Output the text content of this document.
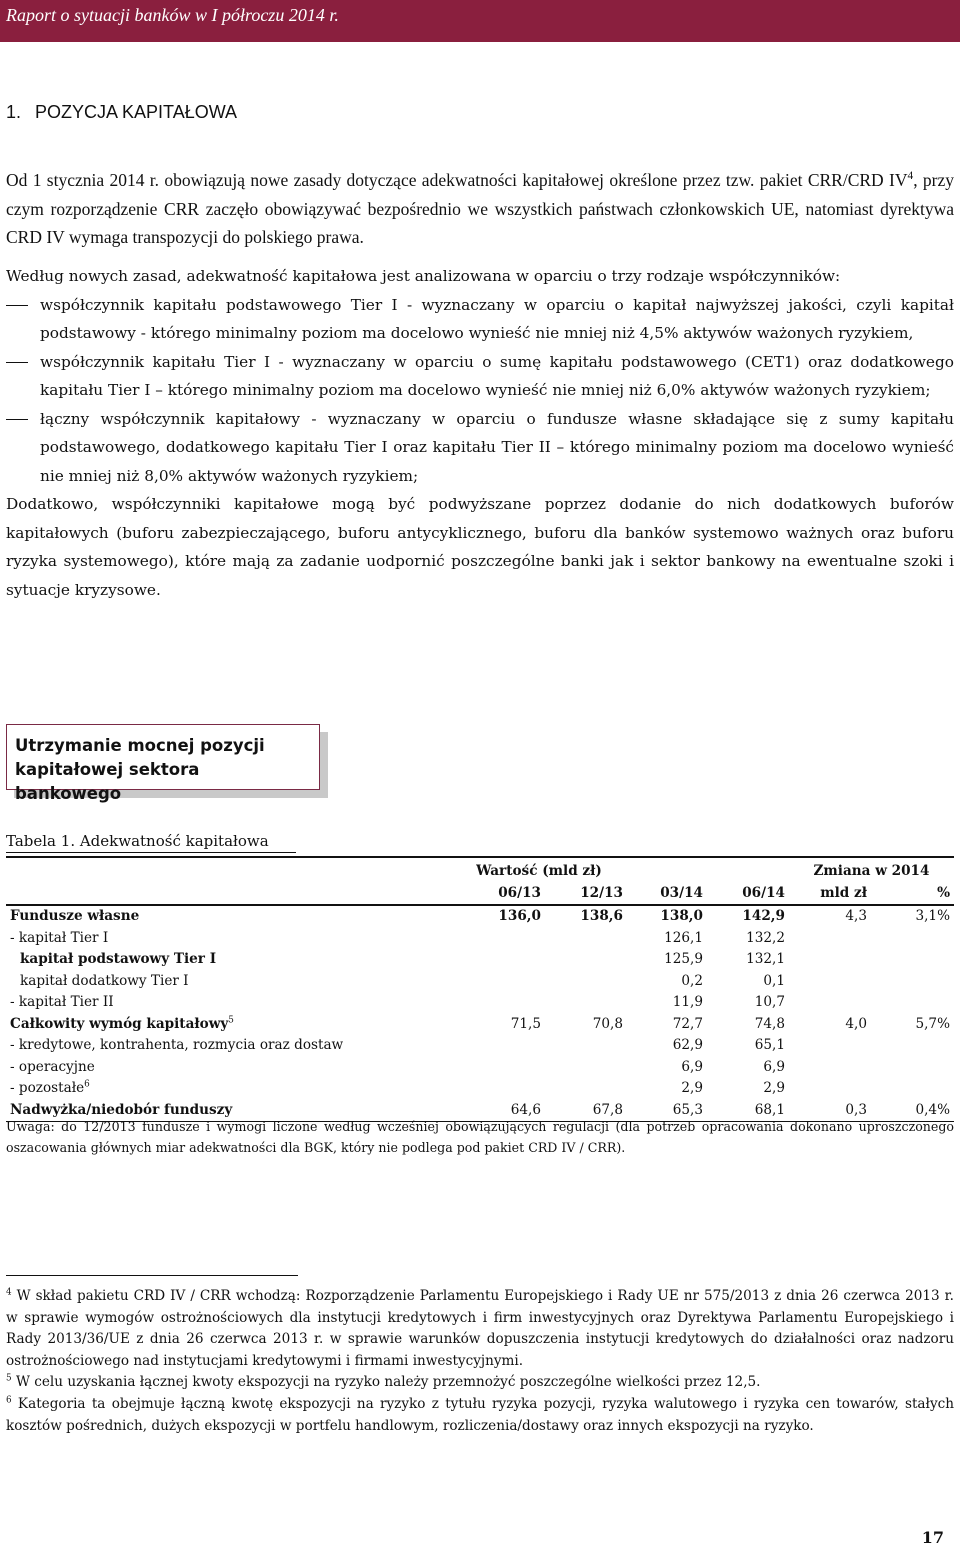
Raport o sytuacji banków w I półroczu 2014 r.
1. POZYCJA KAPITAŁOWA

Od 1 stycznia 2014 r. obowiązują nowe zasady dotyczące adekwatności kapitałowej określone przez tzw. pakiet CRR/CRD $IV^4$, przy czym rozporządzenie CRR zaczęło obowiązywać bezpośrednio we wszystkich państwach członkowskich UE, natomiast dyrektywa CRD IV wymaga transpozycji do polskiego prawa.

Według nowych zasad, adekwatność kapitałowa jest analizowana w oparciu o trzy rodzaje współczynników:

współczynnik kapitału podstawowego Tier I - wyznaczany w oparciu o kapitał najwyższej jakości, czyli kapitał podstawowy - którego minimalny poziom ma docelowo wynieść nie mniej niż 4,5% aktywów ważonych ryzykiem,
współczynnik kapitału Tier I - wyznaczany w oparciu o sumę kapitału podstawowego (CET1) oraz dodatkowego kapitału Tier I – którego minimalny poziom ma docelowo wynieść nie mniej niż 6,0% aktywów ważonych ryzykiem;
łączny współczynnik kapitałowy - wyznaczany w oparciu o fundusze własne składające się z sumy kapitału podstawowego, dodatkowego kapitału Tier I oraz kapitału Tier II – którego minimalny poziom ma docelowo wynieść nie mniej niż 8,0% aktywów ważonych ryzykiem;

Dodatkowo, współczynniki kapitałowe mogą być podwyższane poprzez dodanie do nich dodatkowych buforów kapitałowych (buforu zabezpieczającego, buforu antycyklicznego, buforu dla banków systemowo ważnych oraz buforu ryzyka systemowego), które mają za zadanie uodpornić poszczególne banki jak i sektor bankowy na ewentualne szoki i sytuacje kryzysowe.

Utrzymanie mocnej pozycji
kapitałowej sektora bankowego
Tabela 1. Adekwatność kapitałowa
	Wartość (mld zł)				Zmiana w 2014	
	06/13	12/13	03/14	06/14	mld zł	%
Fundusze własne	136,0	138,6	138,0	142,9	4,3	3,1%
- kapitał Tier I			126,1	132,2		
kapitał podstawowy Tier I			125,9	132,1		
kapitał dodatkowy Tier I			0,2	0,1		
- kapitał Tier II			11,9	10,7		
Całkowity wymóg kapitałowy$^5$	71,5	70,8	72,7	74,8	4,0	5,7%
- kredytowe, kontrahenta, rozmycia oraz dostaw			62,9	65,1		
- operacyjne			6,9	6,9		
- pozostałe$^6$			2,9	2,9		
Nadwyżka/niedobór funduszy	64,6	67,8	65,3	68,1	0,3	0,4%
Uwaga: do 12/2013 fundusze i wymogi liczone według wcześniej obowiązujących regulacji (dla potrzeb opracowania dokonano uproszczonego oszacowania głównych miar adekwatności dla BGK, który nie podlega pod pakiet CRD IV / CRR).

$^4$ W skład pakietu CRD IV / CRR wchodzą: Rozporządzenie Parlamentu Europejskiego i Rady UE nr 575/2013 z dnia 26 czerwca 2013 r. w sprawie wymogów ostrożnościowych dla instytucji kredytowych i firm inwestycyjnych oraz Dyrektywa Parlamentu Europejskiego i Rady 2013/36/UE z dnia 26 czerwca 2013 r. w sprawie warunków dopuszczenia instytucji kredytowych do działalności oraz nadzoru ostrożnościowego nad instytucjami kredytowymi i firmami inwestycyjnymi.

$^5$ W celu uzyskania łącznej kwoty ekspozycji na ryzyko należy przemnożyć poszczególne wielkości przez 12,5.

$^6$ Kategoria ta obejmuje łączną kwotę ekspozycji na ryzyko z tytułu ryzyka pozycji, ryzyka walutowego i ryzyka cen towarów, stałych kosztów pośrednich, dużych ekspozycji w portfelu handlowym, rozliczenia/dostawy oraz innych ekspozycji na ryzyko.

17
